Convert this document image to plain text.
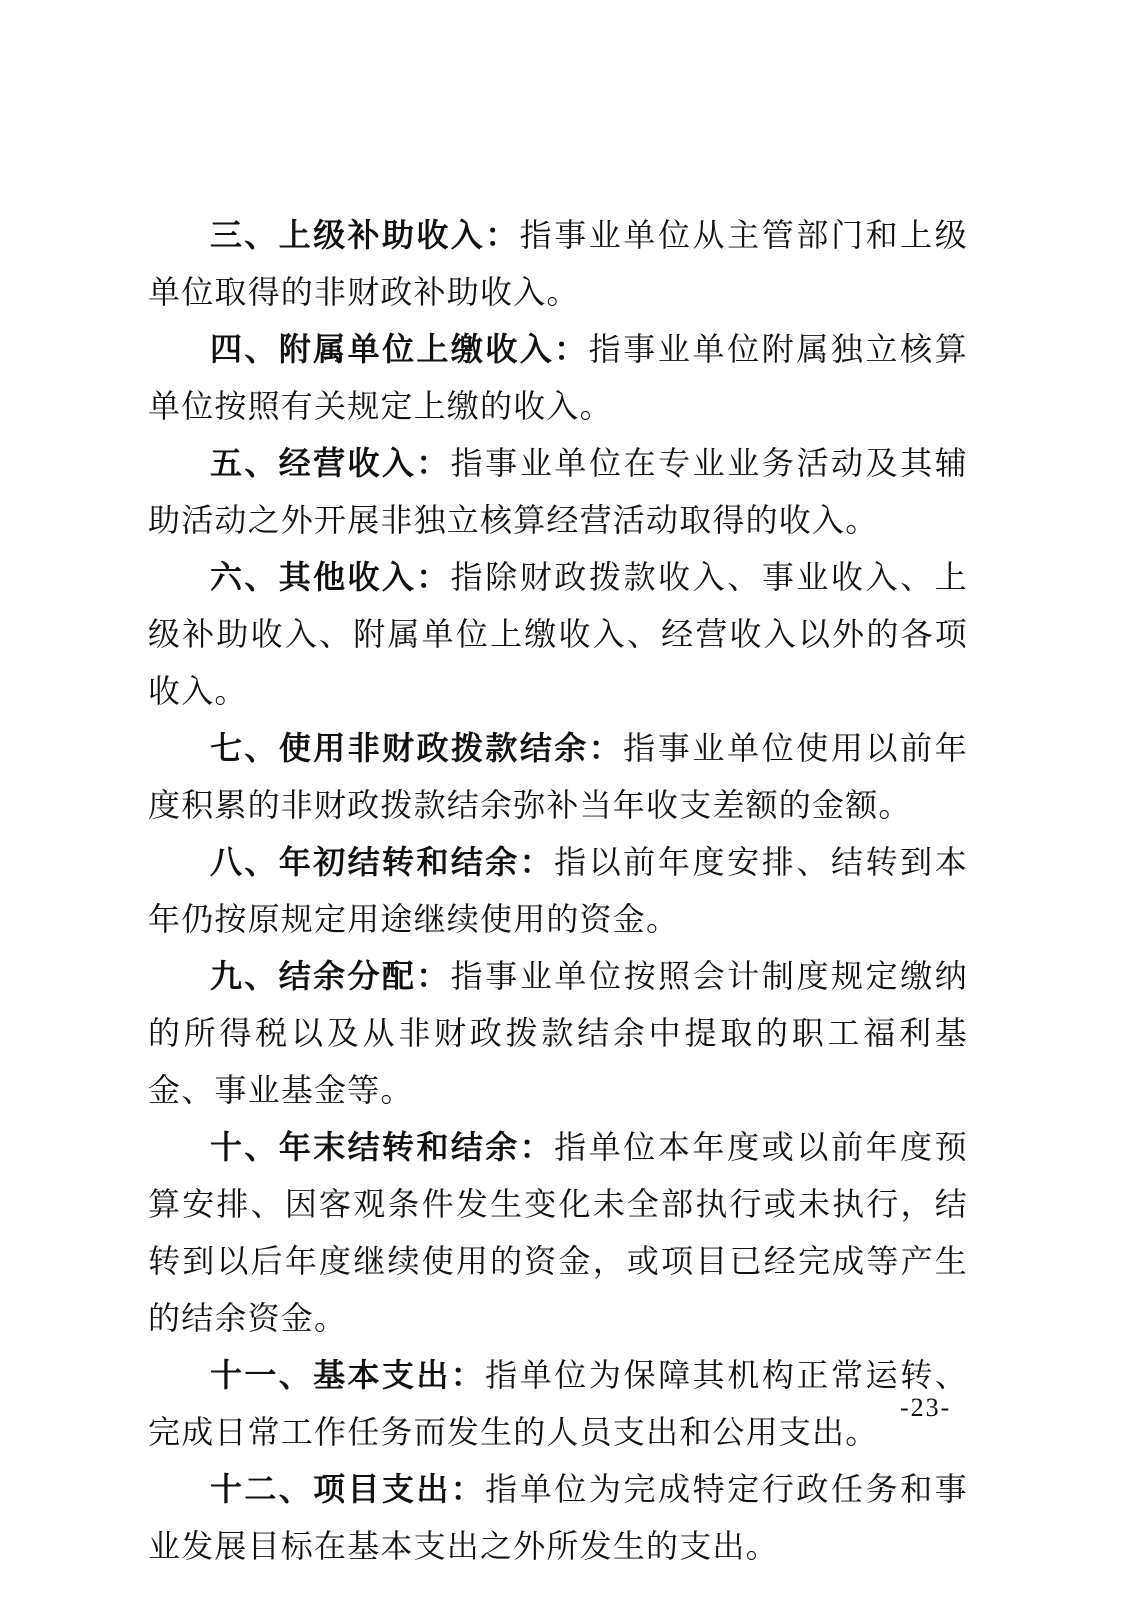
三、上级补助收入：指事业单位从主管部门和上级单位取得的非财政补助收入。

四、附属单位上缴收入：指事业单位附属独立核算单位按照有关规定上缴的收入。

五、经营收入：指事业单位在专业业务活动及其辅助活动之外开展非独立核算经营活动取得的收入。

六、其他收入：指除财政拨款收入、事业收入、上级补助收入、附属单位上缴收入、经营收入以外的各项收入。

七、使用非财政拨款结余：指事业单位使用以前年度积累的非财政拨款结余弥补当年收支差额的金额。

八、年初结转和结余：指以前年度安排、结转到本年仍按原规定用途继续使用的资金。

九、结余分配：指事业单位按照会计制度规定缴纳的所得税以及从非财政拨款结余中提取的职工福利基金、事业基金等。

十、年末结转和结余：指单位本年度或以前年度预算安排、因客观条件发生变化未全部执行或未执行，结转到以后年度继续使用的资金，或项目已经完成等产生的结余资金。

十一、基本支出：指单位为保障其机构正常运转、完成日常工作任务而发生的人员支出和公用支出。

十二、项目支出：指单位为完成特定行政任务和事业发展目标在基本支出之外所发生的支出。

-23-
